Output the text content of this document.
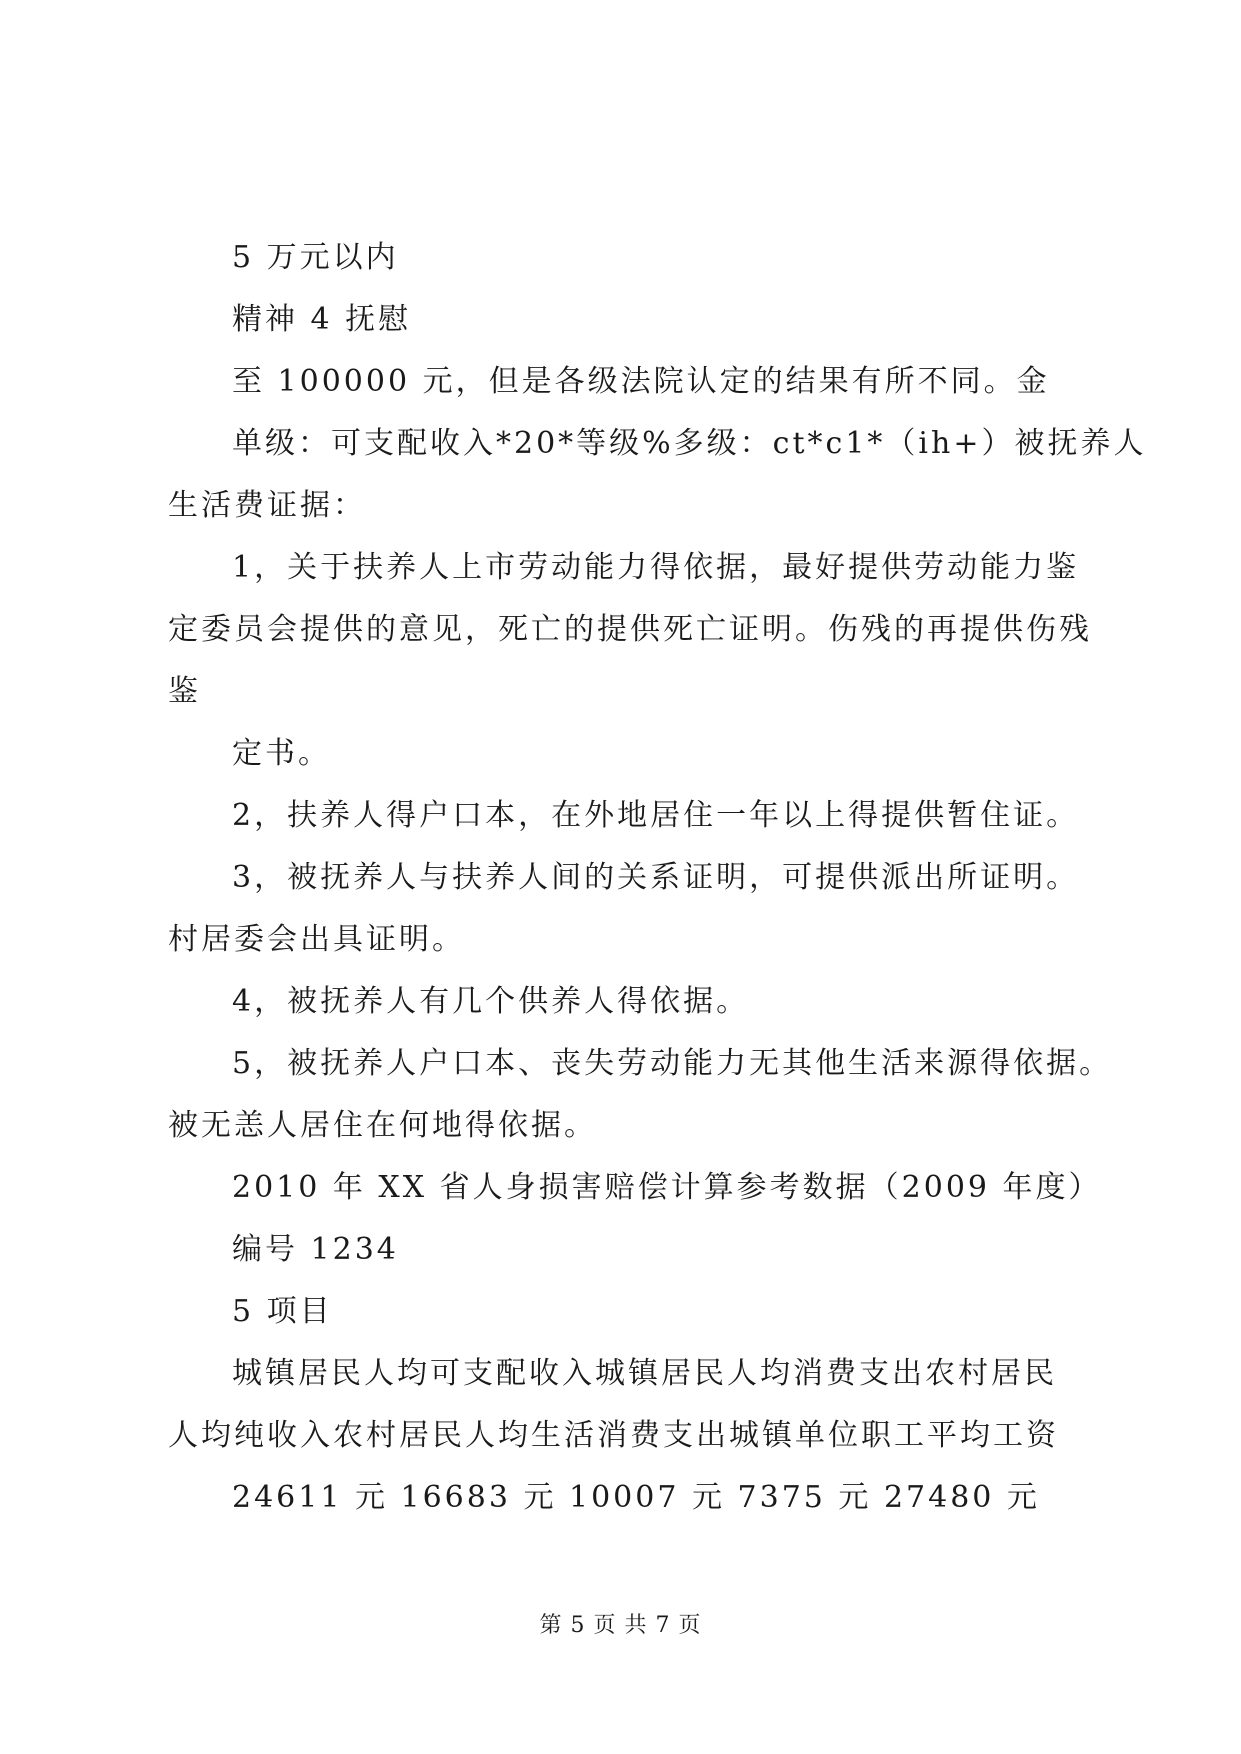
5 万元以内
精神 4 抚慰
至 100000 元，但是各级法院认定的结果有所不同。金
单级：可支配收入*20*等级%多级：ct*c1*（ih+）被抚养人
生活费证据：
1，关于扶养人上市劳动能力得依据，最好提供劳动能力鉴
定委员会提供的意见，死亡的提供死亡证明。伤残的再提供伤残
鉴
定书。
2，扶养人得户口本，在外地居住一年以上得提供暂住证。
3，被抚养人与扶养人间的关系证明，可提供派出所证明。
村居委会出具证明。
4，被抚养人有几个供养人得依据。
5，被抚养人户口本、丧失劳动能力无其他生活来源得依据。
被无恙人居住在何地得依据。
2010 年 XX 省人身损害赔偿计算参考数据（2009 年度）
编号 1234
5 项目
城镇居民人均可支配收入城镇居民人均消费支出农村居民
人均纯收入农村居民人均生活消费支出城镇单位职工平均工资
24611 元 16683 元 10007 元 7375 元 27480 元
第 5 页 共 7 页
